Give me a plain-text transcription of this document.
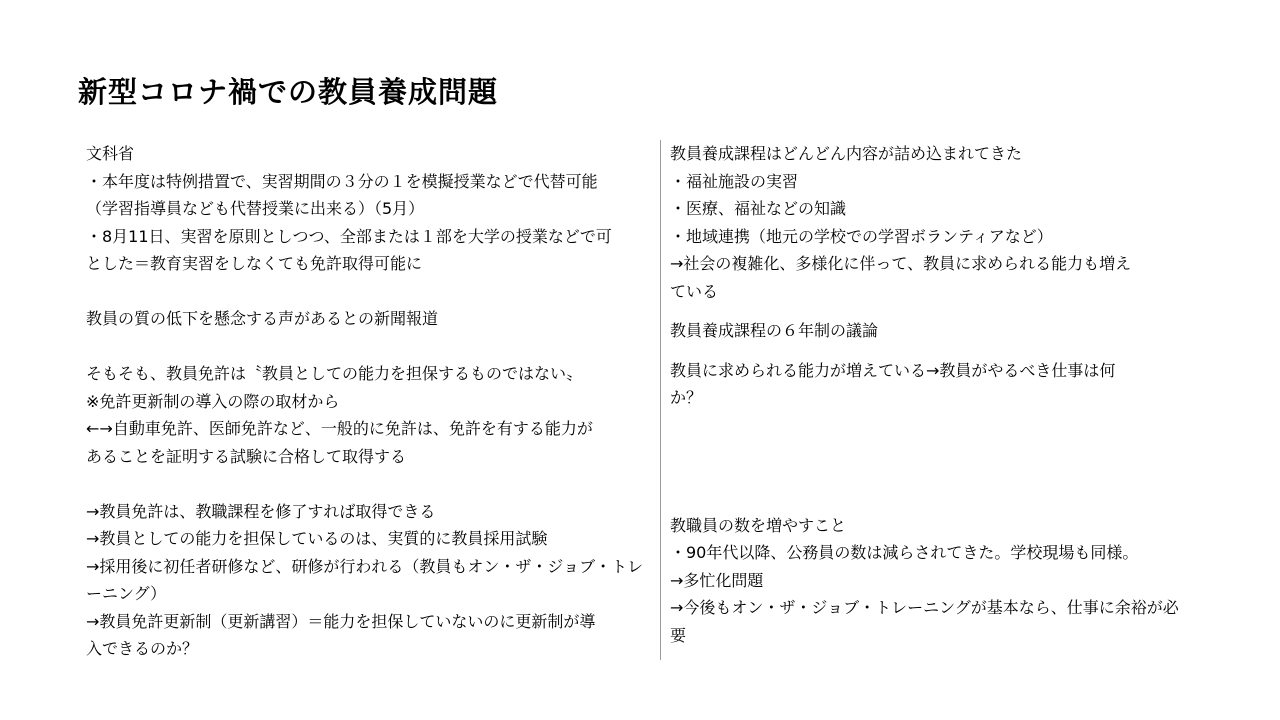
新型コロナ禍での教員養成問題

文科省

・本年度は特例措置で、実習期間の３分の１を模擬授業などで代替可能

（学習指導員なども代替授業に出来る）（5月）

・8月11日、実習を原則としつつ、全部または１部を大学の授業などで可

とした＝教育実習をしなくても免許取得可能に

教員の質の低下を懸念する声があるとの新聞報道

そもそも、教員免許は〝教員としての能力を担保するものではない〟

※免許更新制の導入の際の取材から

←→自動車免許、医師免許など、一般的に免許は、免許を有する能力が

あることを証明する試験に合格して取得する

→教員免許は、教職課程を修了すれば取得できる

→教員としての能力を担保しているのは、実質的に教員採用試験

→採用後に初任者研修など、研修が行われる（教員もオン・ザ・ジョブ・トレ

ーニング）

→教員免許更新制（更新講習）＝能力を担保していないのに更新制が導

入できるのか？

教員養成課程はどんどん内容が詰め込まれてきた

・福祉施設の実習

・医療、福祉などの知識

・地域連携（地元の学校での学習ボランティアなど）

→社会の複雑化、多様化に伴って、教員に求められる能力も増え

ている

教員養成課程の６年制の議論

教員に求められる能力が増えている→教員がやるべき仕事は何

か？

教職員の数を増やすこと

・90年代以降、公務員の数は減らされてきた。学校現場も同様。

→多忙化問題

→今後もオン・ザ・ジョブ・トレーニングが基本なら、仕事に余裕が必

要
